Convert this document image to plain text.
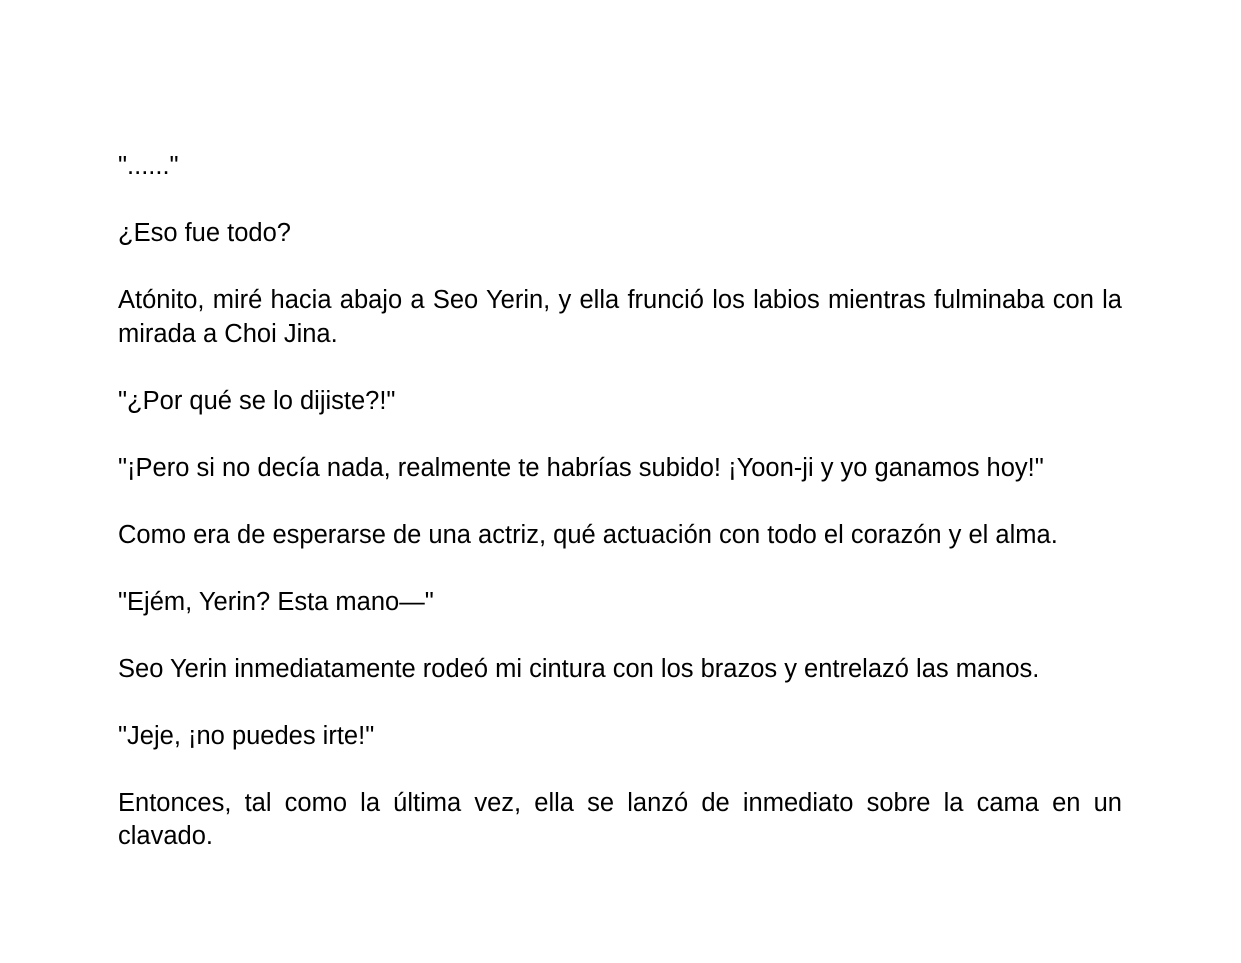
"......"

¿Eso fue todo?

Atónito, miré hacia abajo a Seo Yerin, y ella frunció los labios mientras fulminaba con la mirada a Choi Jina.

"¿Por qué se lo dijiste?!"

"¡Pero si no decía nada, realmente te habrías subido! ¡Yoon-ji y yo ganamos hoy!"

Como era de esperarse de una actriz, qué actuación con todo el corazón y el alma.

"Ejém, Yerin? Esta mano—"

Seo Yerin inmediatamente rodeó mi cintura con los brazos y entrelazó las manos.

"Jeje, ¡no puedes irte!"

Entonces, tal como la última vez, ella se lanzó de inmediato sobre la cama en un clavado.
